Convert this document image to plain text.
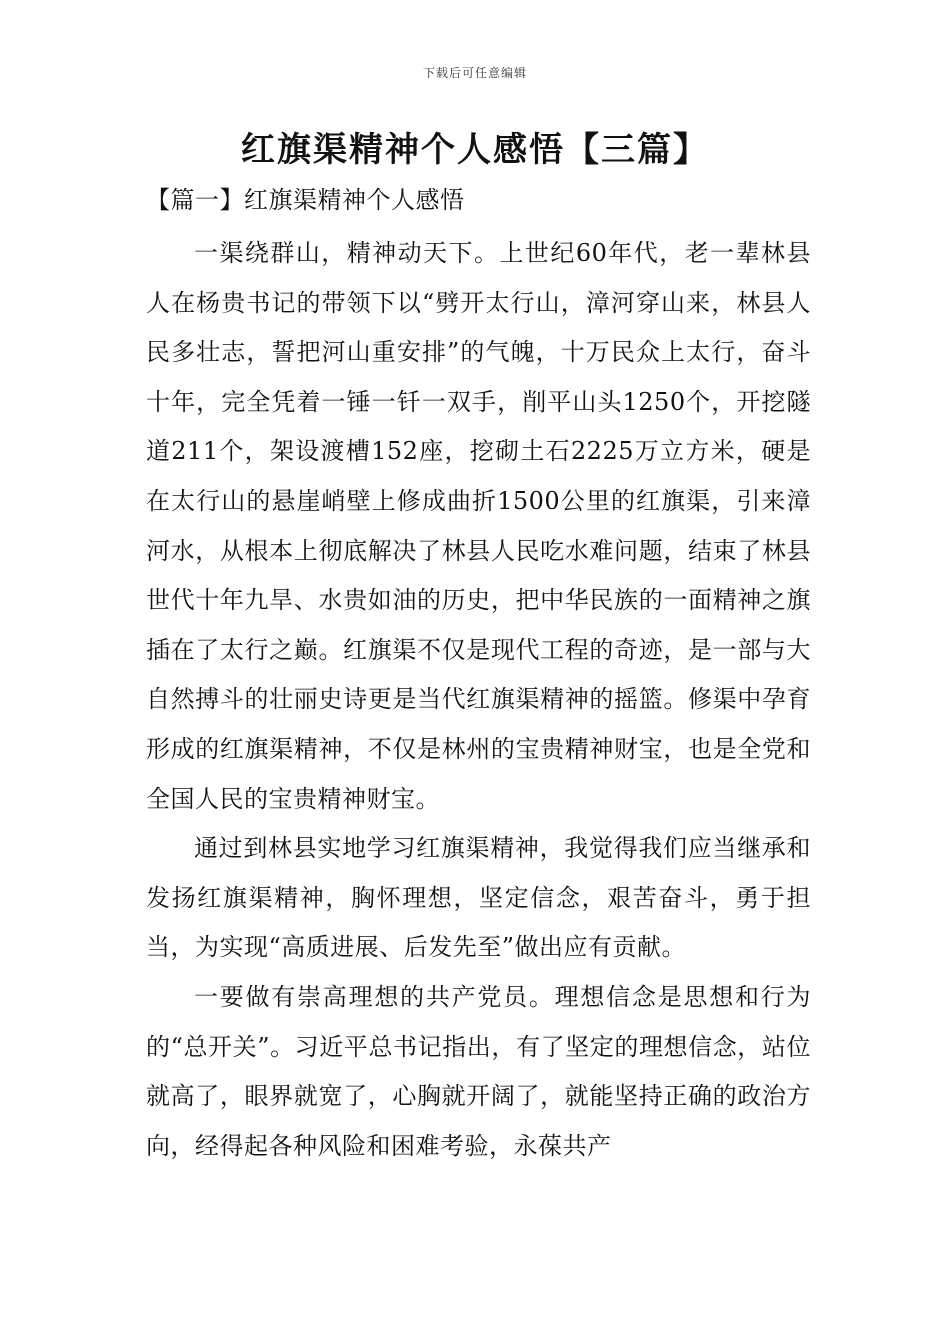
下载后可任意编辑
红旗渠精神个人感悟【三篇】
【篇一】红旗渠精神个人感悟

一渠绕群山，精神动天下。上世纪60年代，老一辈林县人在杨贵书记的带领下以“劈开太行山，漳河穿山来，林县人民多壮志，誓把河山重安排”的气魄，十万民众上太行，奋斗十年，完全凭着一锤一钎一双手，削平山头1250个，开挖隧道211个，架设渡槽152座，挖砌土石2225万立方米，硬是在太行山的悬崖峭壁上修成曲折1500公里的红旗渠，引来漳河水，从根本上彻底解决了林县人民吃水难问题，结束了林县世代十年九旱、水贵如油的历史，把中华民族的一面精神之旗插在了太行之巅。红旗渠不仅是现代工程的奇迹，是一部与大自然搏斗的壮丽史诗更是当代红旗渠精神的摇篮。修渠中孕育形成的红旗渠精神，不仅是林州的宝贵精神财宝，也是全党和全国人民的宝贵精神财宝。

通过到林县实地学习红旗渠精神，我觉得我们应当继承和发扬红旗渠精神，胸怀理想，坚定信念，艰苦奋斗，勇于担当，为实现“高质进展、后发先至”做出应有贡献。

一要做有崇高理想的共产党员。理想信念是思想和行为的“总开关”。习近平总书记指出，有了坚定的理想信念，站位就高了，眼界就宽了，心胸就开阔了，就能坚持正确的政治方向，经得起各种风险和困难考验，永葆共产
